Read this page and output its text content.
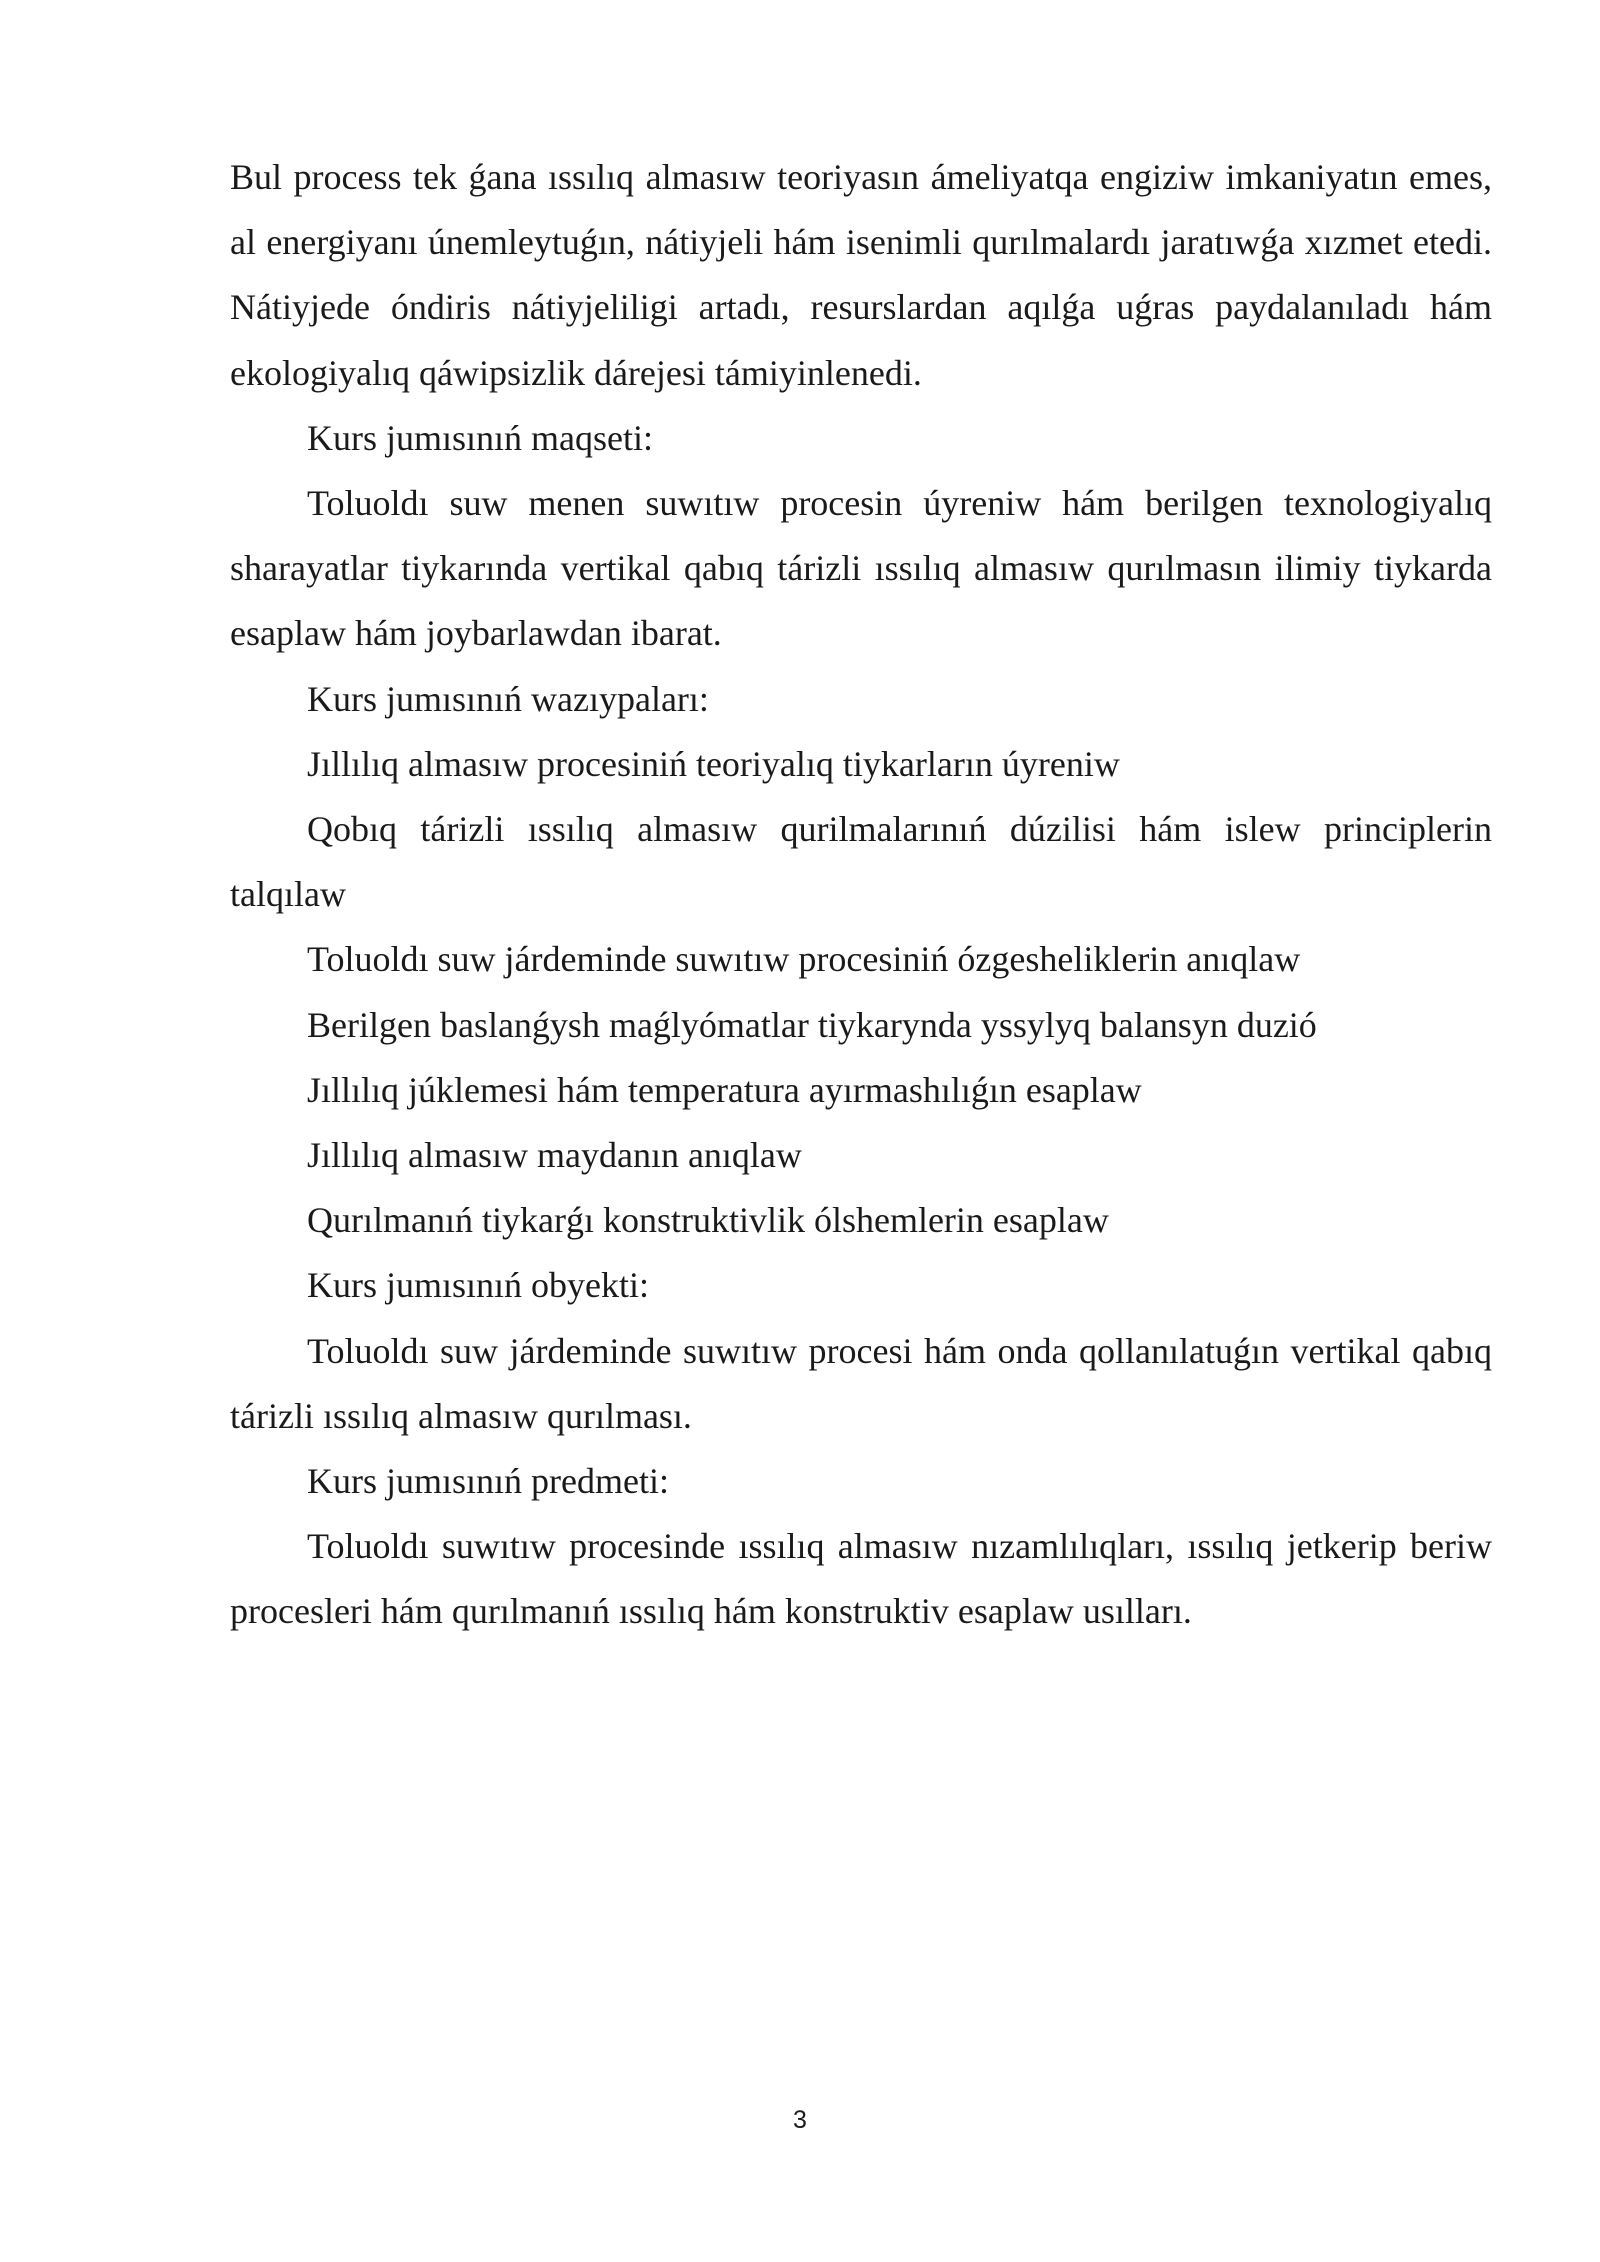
Bul process tek ǵana ıssılıq almasıw teoriyasın ámeliyatqa engiziw imkaniyatın emes, al energiyanı únemleytuǵın, nátiyjeli hám isenimli qurılmalardı jaratıwǵa xızmet etedi. Nátiyjede óndiris nátiyjeliligi artadı, resurslardan aqılǵa uǵras paydalanıladı hám ekologiyalıq qáwipsizlik dárejesi támiyinlenedi.

Kurs jumısınıń maqseti:

Toluoldı suw menen suwıtıw procesin úyreniw hám berilgen texnologiyalıq sharayatlar tiykarında vertikal qabıq tárizli ıssılıq almasıw qurılmasın ilimiy tiykarda esaplaw hám joybarlawdan ibarat.

Kurs jumısınıń wazıypaları:

Jıllılıq almasıw procesiniń teoriyalıq tiykarların úyreniw

Qobıq tárizli ıssılıq almasıw qurilmalarınıń dúzilisi hám islew principlerin talqılaw

Toluoldı suw járdeminde suwıtıw procesiniń ózgesheliklerin anıqlaw

Berilgen baslanǵysh maǵlyómatlar tiykarynda yssylyq balansyn duzió

Jıllılıq júklemesi hám temperatura ayırmashılıǵın esaplaw

Jıllılıq almasıw maydanın anıqlaw

Qurılmanıń tiykarǵı konstruktivlik ólshemlerin esaplaw

Kurs jumısınıń obyekti:

Toluoldı suw járdeminde suwıtıw procesi hám onda qollanılatuǵın vertikal qabıq tárizli ıssılıq almasıw qurılması.

Kurs jumısınıń predmeti:

Toluoldı suwıtıw procesinde ıssılıq almasıw nızamlılıqları, ıssılıq jetkerip beriw procesleri hám qurılmanıń ıssılıq hám konstruktiv esaplaw usılları.

3
